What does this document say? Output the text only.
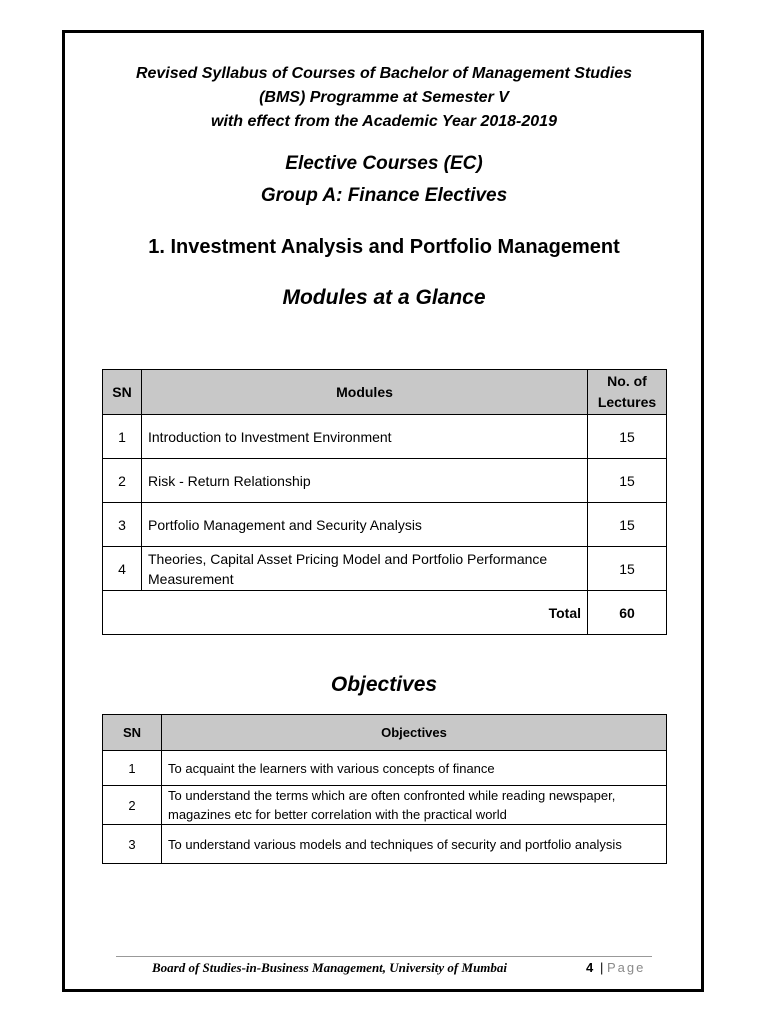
Revised Syllabus of Courses of Bachelor of Management Studies
(BMS) Programme at Semester V
with effect from the Academic Year 2018-2019
Elective Courses (EC)
Group A: Finance Electives
1. Investment Analysis and Portfolio Management
Modules at a Glance
SN	Modules	No. of Lectures
1	Introduction to Investment Environment	15
2	Risk - Return Relationship	15
3	Portfolio Management and Security Analysis	15
4	Theories, Capital Asset Pricing Model and Portfolio Performance Measurement	15
Total		60
Objectives
SN	Objectives
1	To acquaint the learners with various concepts of finance
2	To understand the terms which are often confronted while reading newspaper, magazines etc for better correlation with the practical world
3	To understand various models and techniques of security and portfolio analysis
Board of Studies-in-Business Management, University of Mumbai	4 | Page
